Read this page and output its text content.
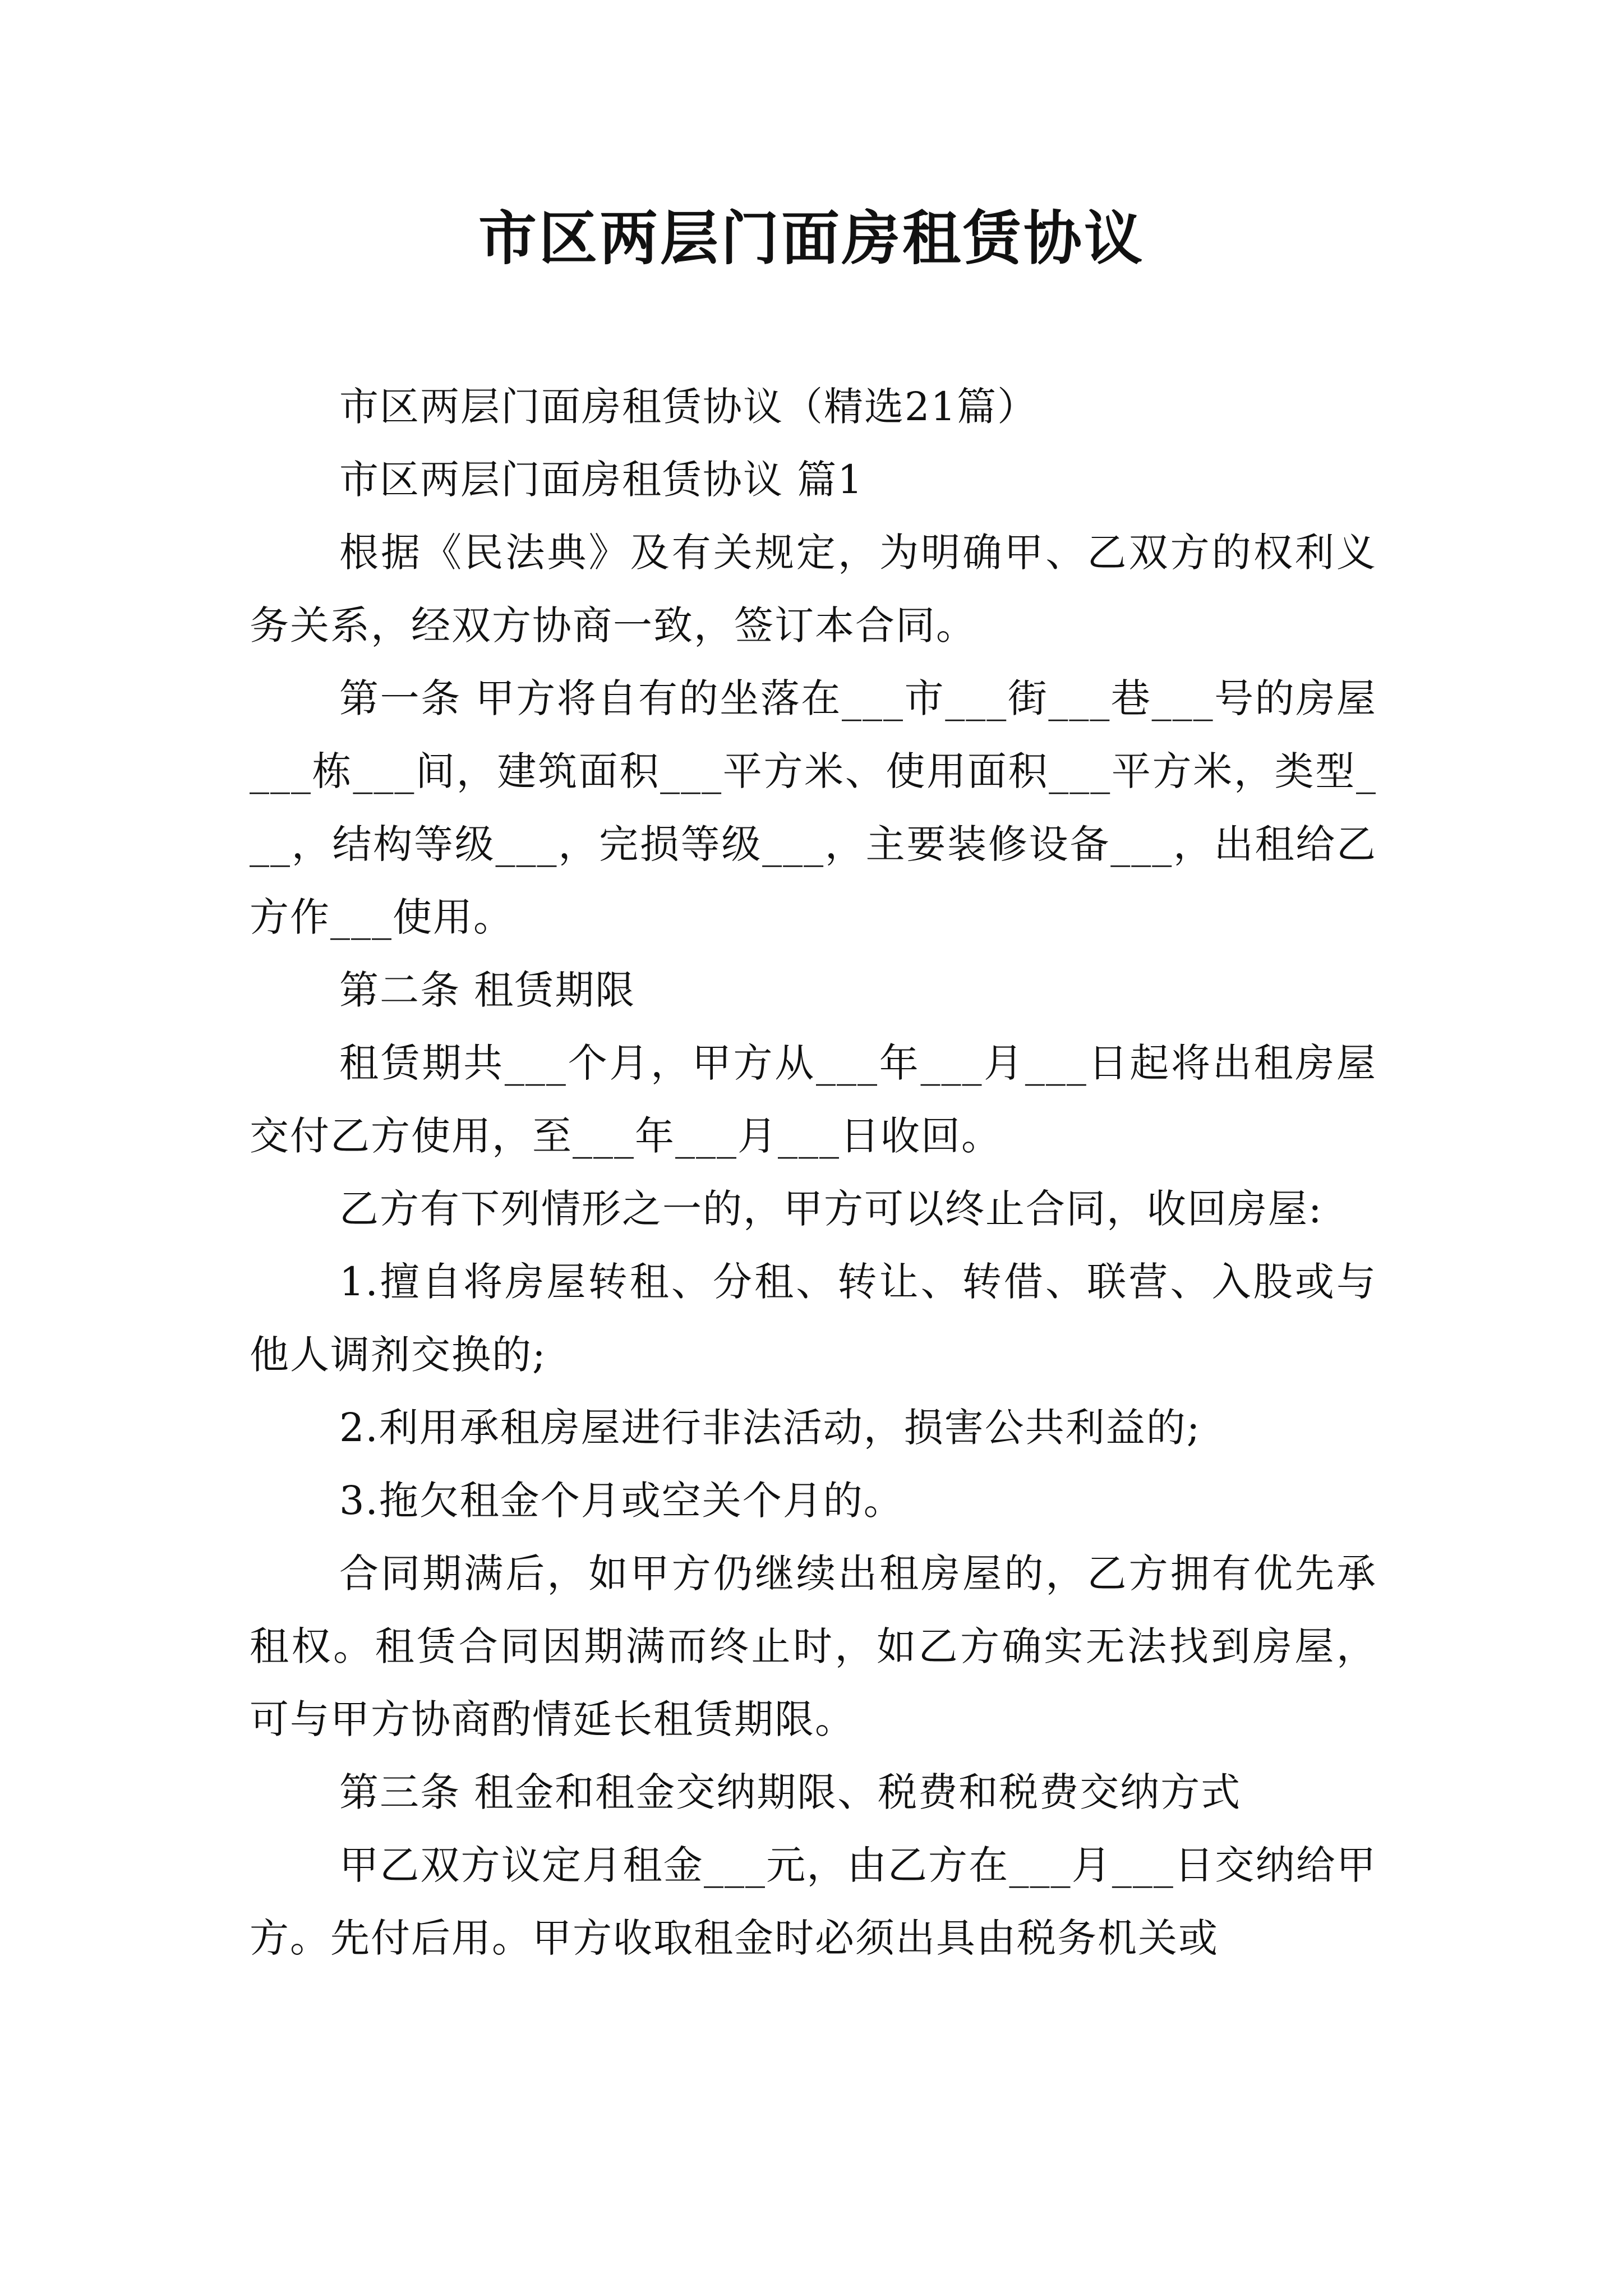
市区两层门面房租赁协议

市区两层门面房租赁协议（精选21篇）

市区两层门面房租赁协议 篇1

根据《民法典》及有关规定，为明确甲、乙双方的权利义务关系，经双方协商一致，签订本合同。

第一条 甲方将自有的坐落在___市___街___巷___号的房屋___栋___间，建筑面积___平方米、使用面积___平方米，类型___，结构等级___，完损等级___，主要装修设备___，出租给乙方作___使用。

第二条 租赁期限

租赁期共___个月，甲方从___年___月___日起将出租房屋交付乙方使用，至___年___月___日收回。

乙方有下列情形之一的，甲方可以终止合同，收回房屋:

1.擅自将房屋转租、分租、转让、转借、联营、入股或与他人调剂交换的;

2.利用承租房屋进行非法活动，损害公共利益的;

3.拖欠租金个月或空关个月的。

合同期满后，如甲方仍继续出租房屋的，乙方拥有优先承租权。租赁合同因期满而终止时，如乙方确实无法找到房屋，可与甲方协商酌情延长租赁期限。

第三条 租金和租金交纳期限、税费和税费交纳方式

甲乙双方议定月租金___元，由乙方在___月___日交纳给甲方。先付后用。甲方收取租金时必须出具由税务机关或
